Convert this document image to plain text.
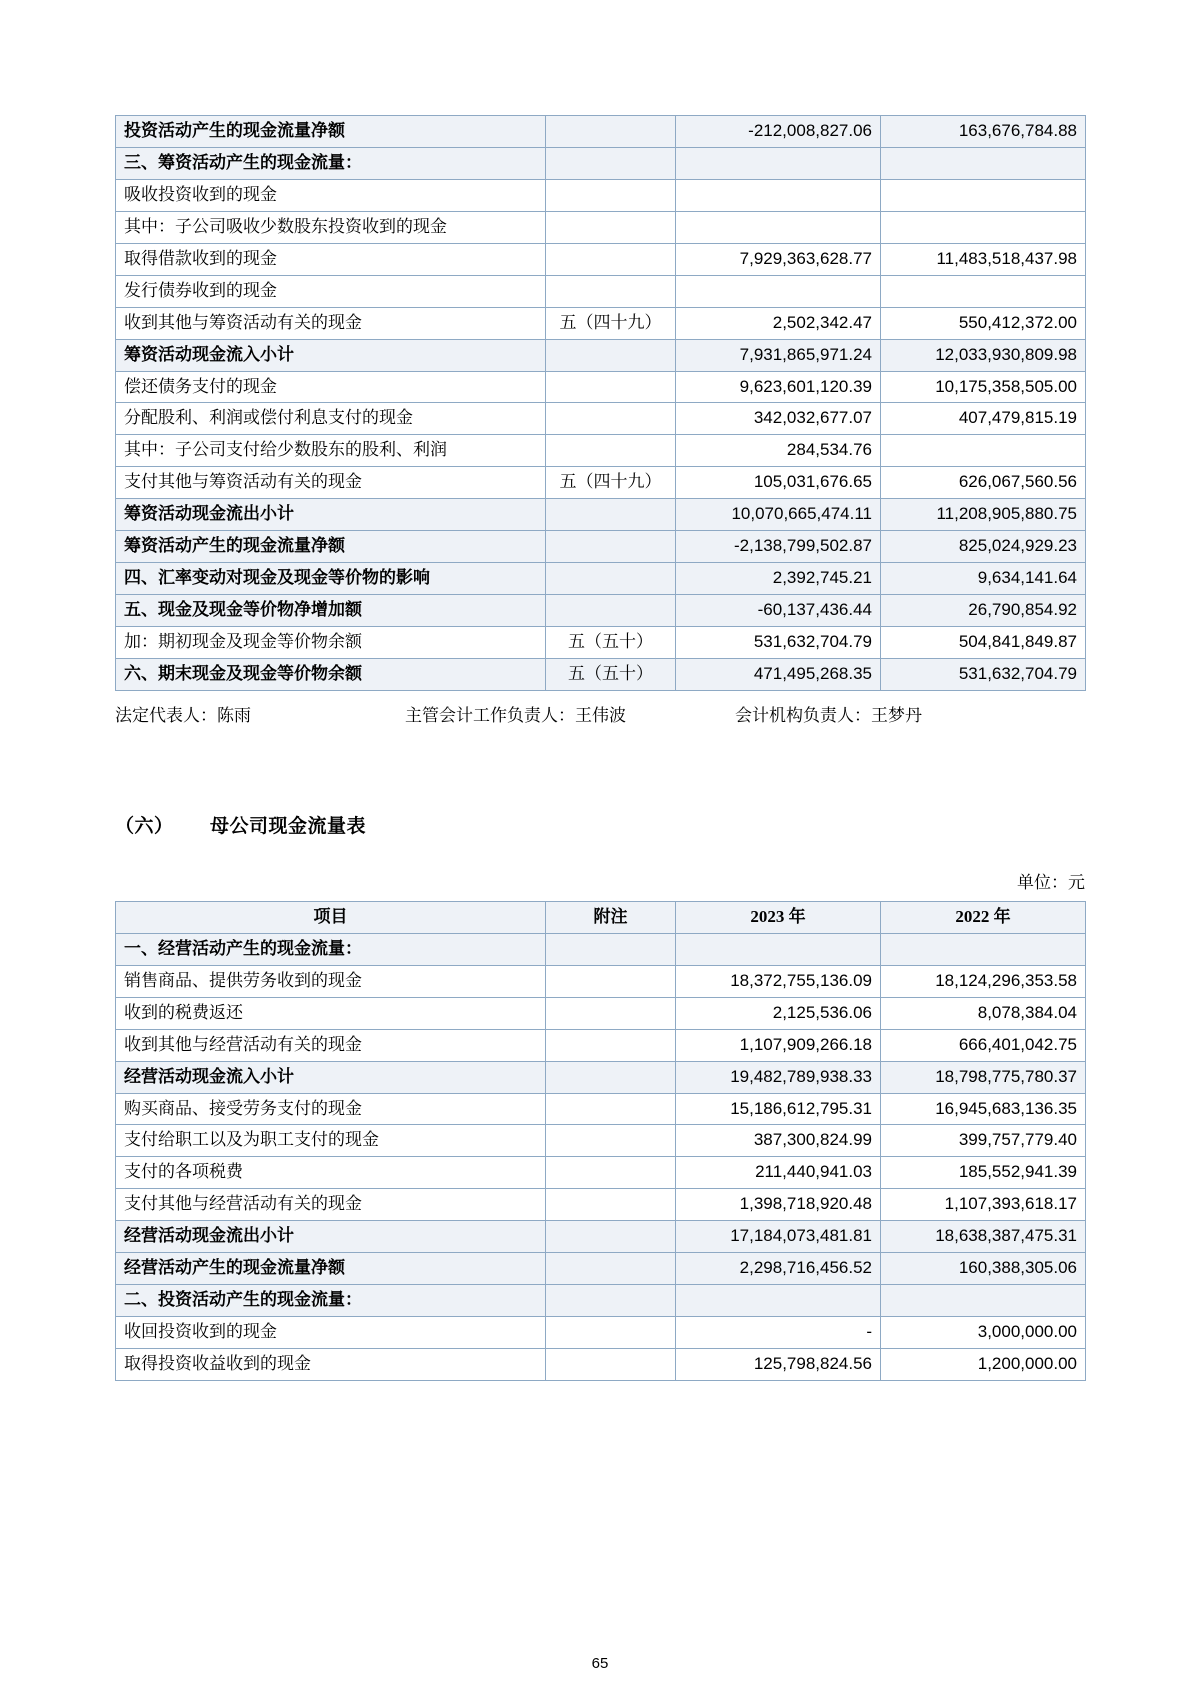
投资活动产生的现金流量净额		-212,008,827.06	163,676,784.88
三、筹资活动产生的现金流量：			
吸收投资收到的现金			
其中：子公司吸收少数股东投资收到的现金			
取得借款收到的现金		7,929,363,628.77	11,483,518,437.98
发行债券收到的现金			
收到其他与筹资活动有关的现金	五（四十九）	2,502,342.47	550,412,372.00
筹资活动现金流入小计		7,931,865,971.24	12,033,930,809.98
偿还债务支付的现金		9,623,601,120.39	10,175,358,505.00
分配股利、利润或偿付利息支付的现金		342,032,677.07	407,479,815.19
其中：子公司支付给少数股东的股利、利润		284,534.76	
支付其他与筹资活动有关的现金	五（四十九）	105,031,676.65	626,067,560.56
筹资活动现金流出小计		10,070,665,474.11	11,208,905,880.75
筹资活动产生的现金流量净额		-2,138,799,502.87	825,024,929.23
四、汇率变动对现金及现金等价物的影响		2,392,745.21	9,634,141.64
五、现金及现金等价物净增加额		-60,137,436.44	26,790,854.92
加：期初现金及现金等价物余额	五（五十）	531,632,704.79	504,841,849.87
六、期末现金及现金等价物余额	五（五十）	471,495,268.35	531,632,704.79
法定代表人：陈雨	主管会计工作负责人：王伟波	会计机构负责人：王梦丹
（六） 母公司现金流量表
单位：元
项目	附注	2023 年	2022 年
一、经营活动产生的现金流量：			
销售商品、提供劳务收到的现金		18,372,755,136.09	18,124,296,353.58
收到的税费返还		2,125,536.06	8,078,384.04
收到其他与经营活动有关的现金		1,107,909,266.18	666,401,042.75
经营活动现金流入小计		19,482,789,938.33	18,798,775,780.37
购买商品、接受劳务支付的现金		15,186,612,795.31	16,945,683,136.35
支付给职工以及为职工支付的现金		387,300,824.99	399,757,779.40
支付的各项税费		211,440,941.03	185,552,941.39
支付其他与经营活动有关的现金		1,398,718,920.48	1,107,393,618.17
经营活动现金流出小计		17,184,073,481.81	18,638,387,475.31
经营活动产生的现金流量净额		2,298,716,456.52	160,388,305.06
二、投资活动产生的现金流量：			
收回投资收到的现金		-	3,000,000.00
取得投资收益收到的现金		125,798,824.56	1,200,000.00
65
